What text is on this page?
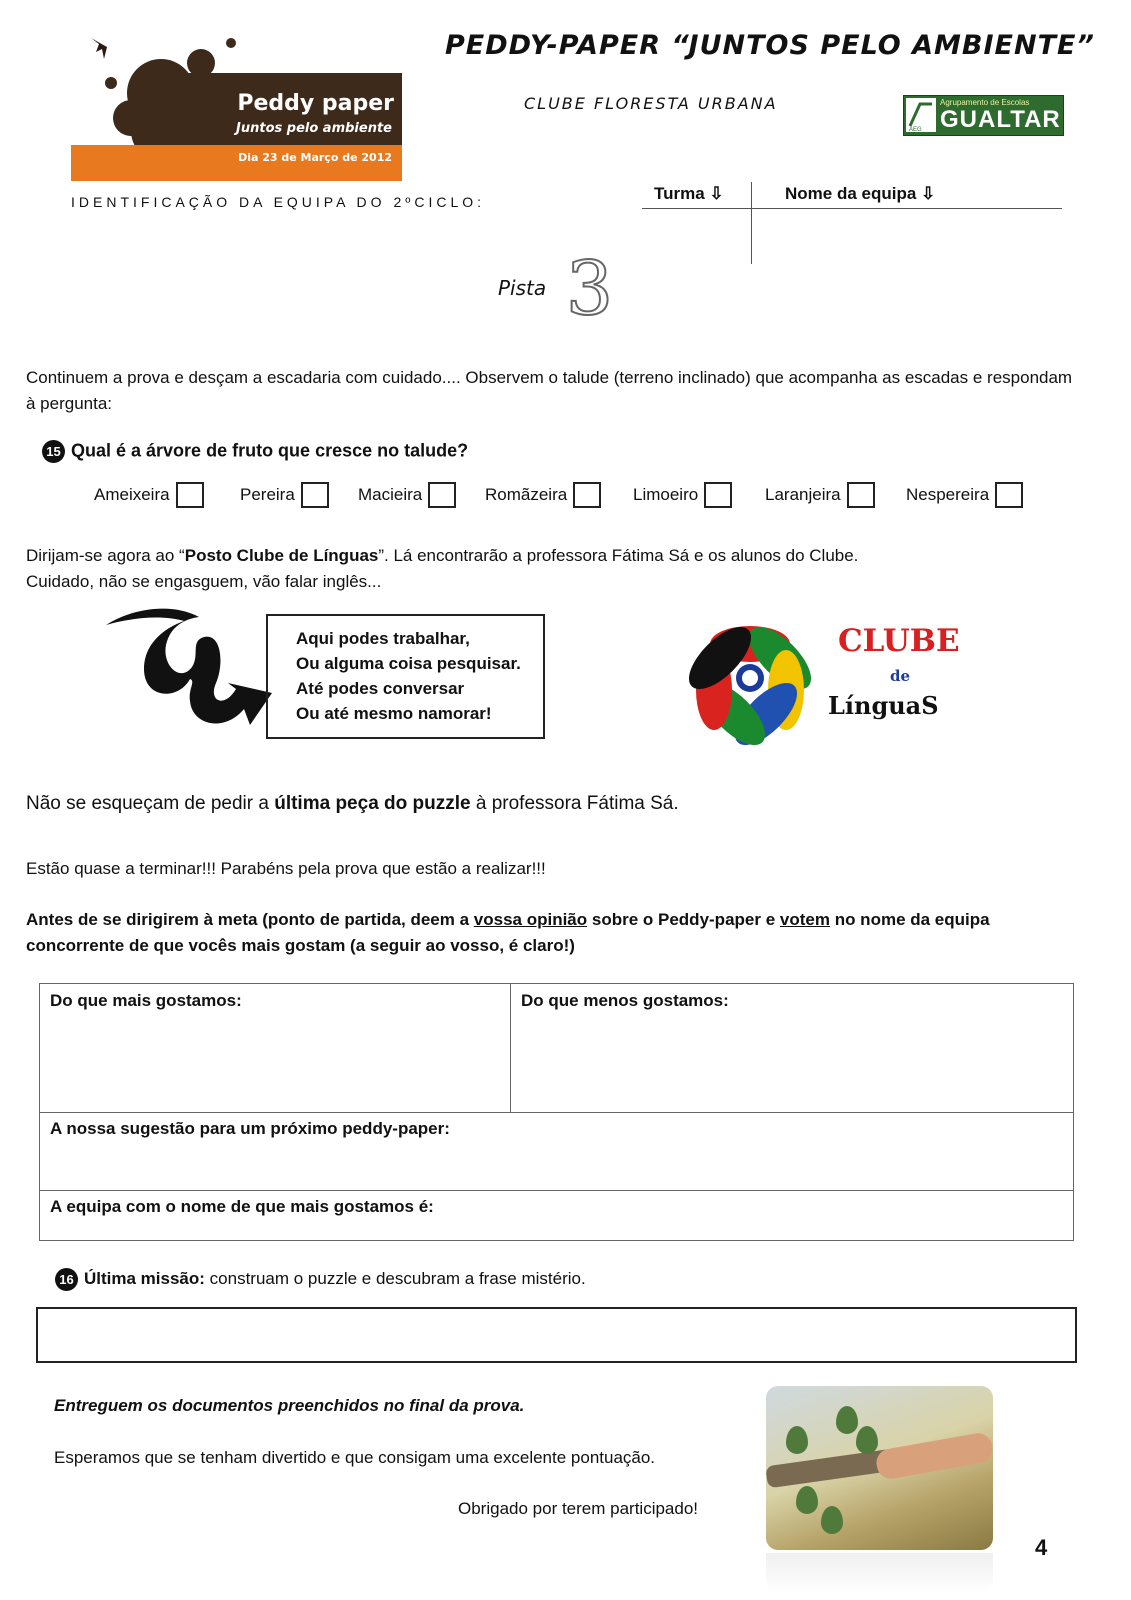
Peddy paper
Juntos pelo ambiente
Dia 23 de Março de 2012
PEDDY-PAPER “JUNTOS PELO AMBIENTE”
CLUBE FLORESTA URBANA
AEG
Agrupamento de Escolas
GUALTAR
IDENTIFICAÇÃO DA EQUIPA DO 2ºCICLO:	Turma ⇩	Nome da equipa ⇩
Pista 3
Continuem a prova e desçam a escadaria com cuidado.... Observem o talude (terreno inclinado) que acompanha as escadas e respondam à pergunta:
15 Qual é a árvore de fruto que cresce no talude?
Ameixeira	Pereira	Macieira	Romãzeira	Limoeiro	Laranjeira	Nespereira
Dirijam-se agora ao “Posto Clube de Línguas”. Lá encontrarão a professora Fátima Sá e os alunos do Clube.
Cuidado, não se engasguem, vão falar inglês...
Aqui podes trabalhar,
Ou alguma coisa pesquisar.
Até podes conversar
Ou até mesmo namorar!
CLUBE
de
LínguaS
Não se esqueçam de pedir a última peça do puzzle à professora Fátima Sá.
Estão quase a terminar!!! Parabéns pela prova que estão a realizar!!!
Antes de se dirigirem à meta (ponto de partida, deem a vossa opinião sobre o Peddy-paper e votem no nome da equipa concorrente de que vocês mais gostam (a seguir ao vosso, é claro!)
Do que mais gostamos:	Do que menos gostamos:
A nossa sugestão para um próximo peddy-paper:
A equipa com o nome de que mais gostamos é:
16 Última missão: construam o puzzle e descubram a frase mistério.
Entreguem os documentos preenchidos no final da prova.
Esperamos que se tenham divertido e que consigam uma excelente pontuação.
Obrigado por terem participado!
4
